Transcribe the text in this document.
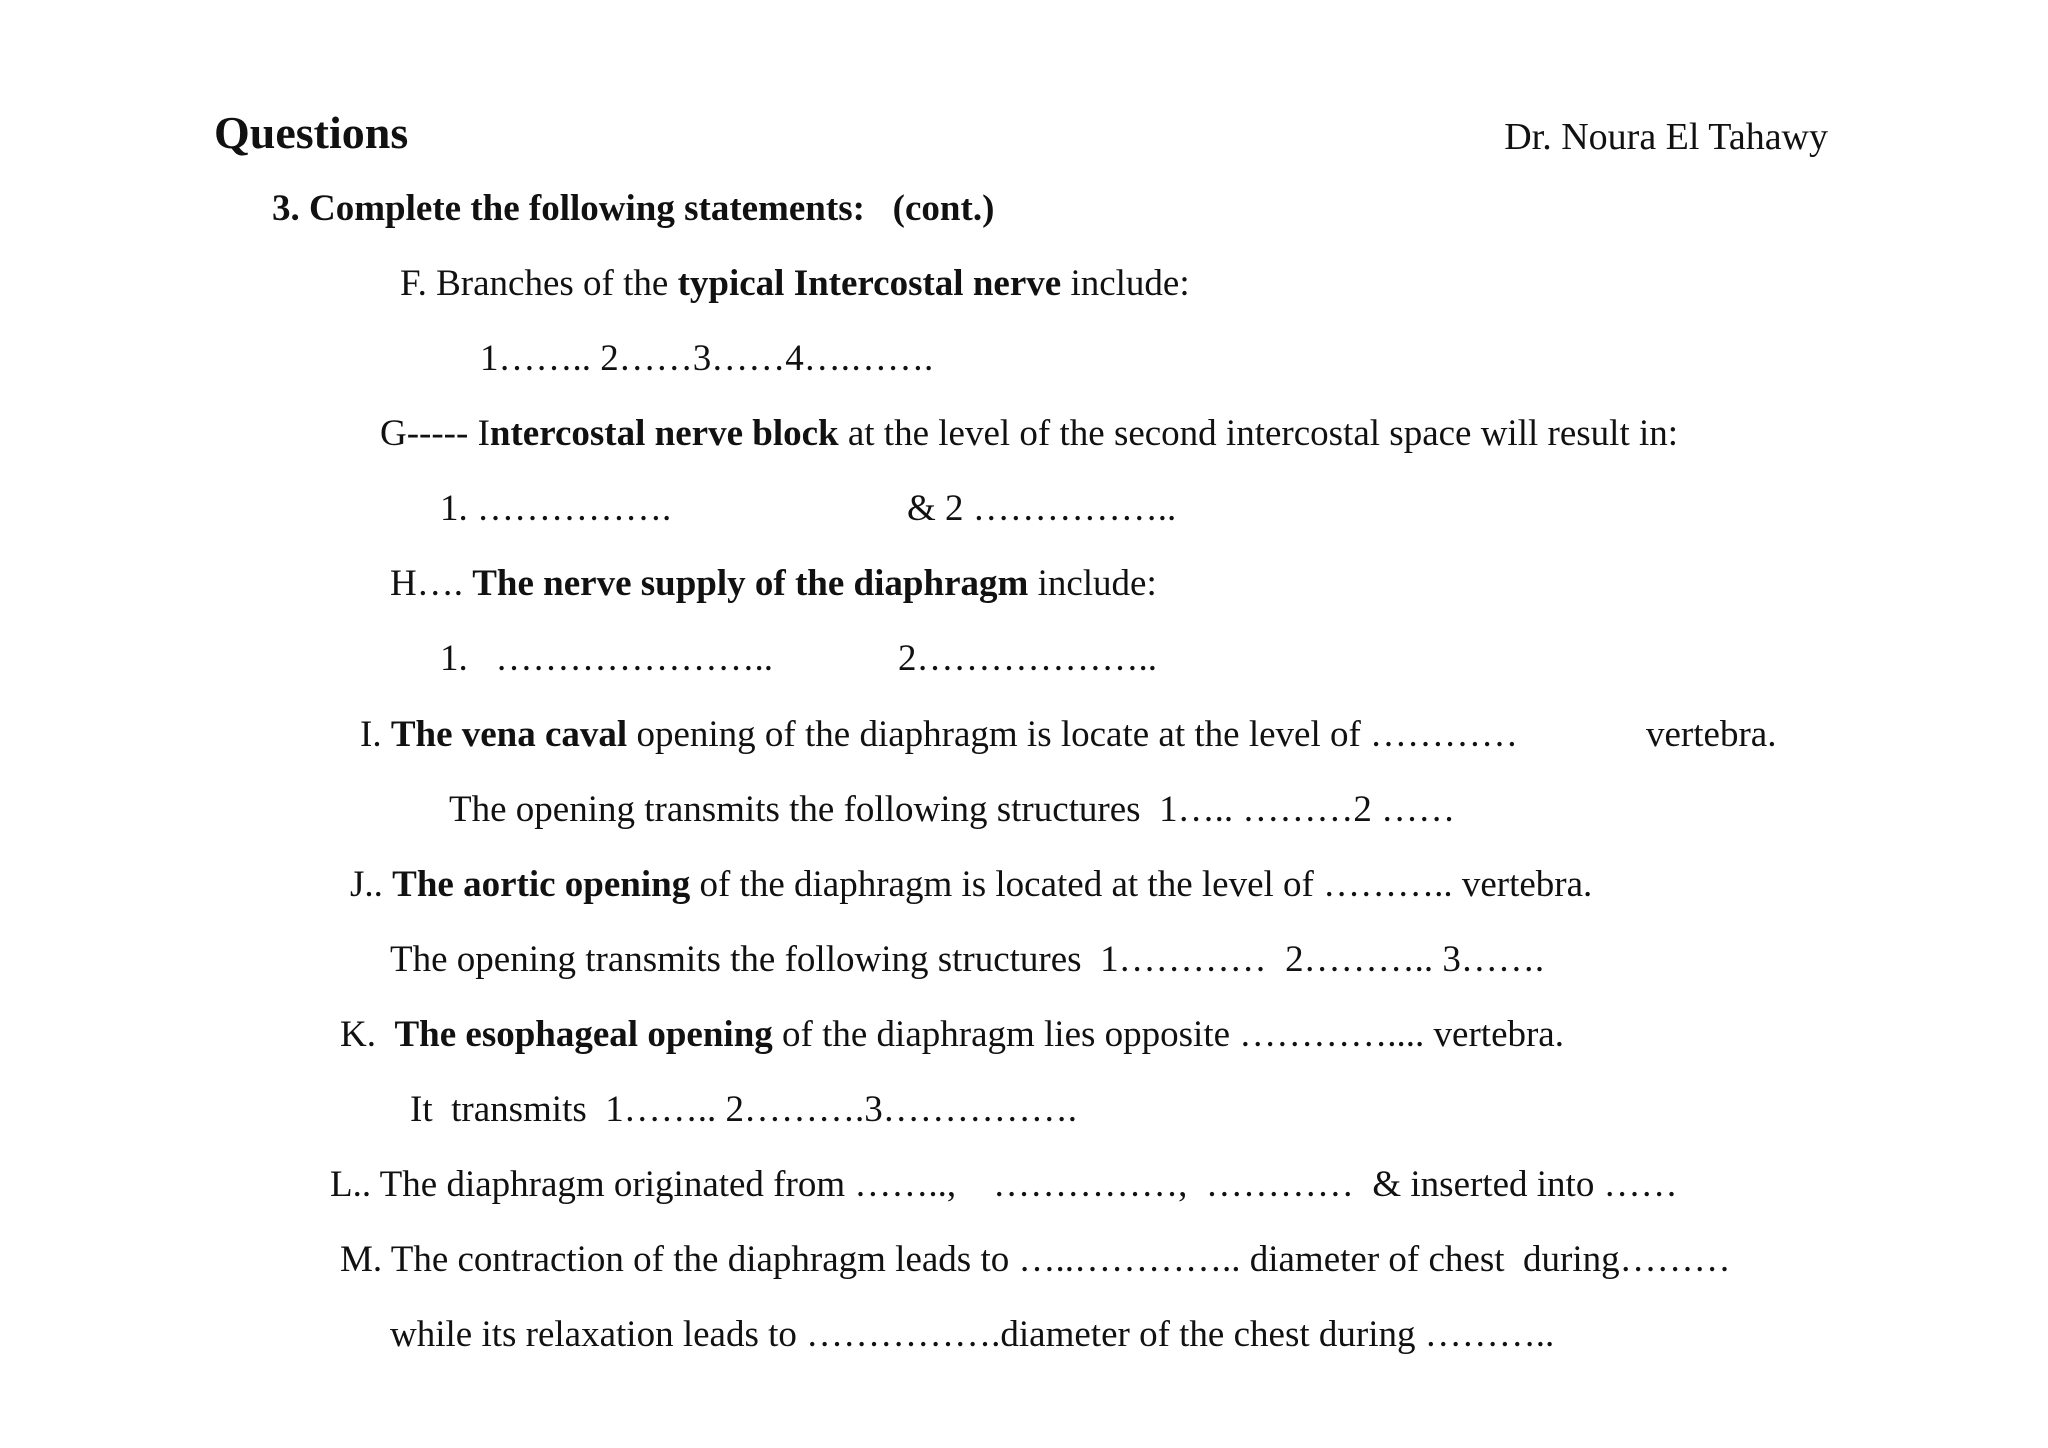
Questions	Dr. Noura El Tahawy
3. Complete the following statements:   (cont.)
F. Branches of the typical Intercostal nerve include:
1…….. 2……3……4….…….
G----- Intercostal nerve block at the level of the second intercostal space will result in:
1. …………….	& 2 ……………..
H…. The nerve supply of the diaphragm include:
1.   …………………..	2………………..
I. The vena caval opening of the diaphragm is locate at the level of …………	vertebra.
The opening transmits the following structures  1….. ………2 ……
J.. The aortic opening of the diaphragm is located at the level of ……….. vertebra.
The opening transmits the following structures  1…………  2……….. 3…….
K.  The esophageal opening of the diaphragm lies opposite ………….... vertebra.
It  transmits  1…….. 2……….3…………….
L.. The diaphragm originated from ……..,    ……………,  …………  & inserted into ……
M. The contraction of the diaphragm leads to …..………….. diameter of chest  during………
while its relaxation leads to …………….diameter of the chest during ………..
